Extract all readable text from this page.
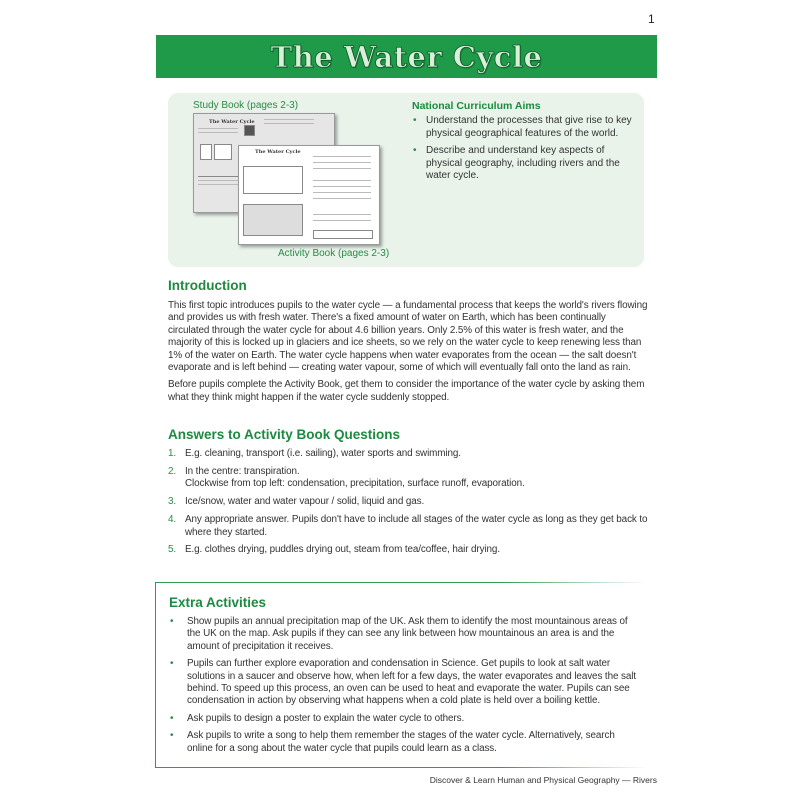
1
The Water Cycle
Study Book (pages 2-3)
The Water Cycle
The Water Cycle
Activity Book (pages 2-3)
National Curriculum Aims
• Understand the processes that give rise to key physical geographical features of the world.
• Describe and understand key aspects of physical geography, including rivers and the water cycle.
Introduction

This first topic introduces pupils to the water cycle — a fundamental process that keeps the world's rivers flowing and provides us with fresh water. There's a fixed amount of water on Earth, which has been continually circulated through the water cycle for about 4.6 billion years. Only 2.5% of this water is fresh water, and the majority of this is locked up in glaciers and ice sheets, so we rely on the water cycle to keep renewing less than 1% of the water on Earth. The water cycle happens when water evaporates from the ocean — the salt doesn't evaporate and is left behind — creating water vapour, some of which will eventually fall onto the land as rain.

Before pupils complete the Activity Book, get them to consider the importance of the water cycle by asking them what they think might happen if the water cycle suddenly stopped.

Answers to Activity Book Questions
1. E.g. cleaning, transport (i.e. sailing), water sports and swimming.
2. In the centre: transpiration.
Clockwise from top left: condensation, precipitation, surface runoff, evaporation.
3. Ice/snow, water and water vapour / solid, liquid and gas.
4. Any appropriate answer. Pupils don't have to include all stages of the water cycle as long as they get back to where they started.
5. E.g. clothes drying, puddles drying out, steam from tea/coffee, hair drying.
Extra Activities
• Show pupils an annual precipitation map of the UK. Ask them to identify the most mountainous areas of the UK on the map. Ask pupils if they can see any link between how mountainous an area is and the amount of precipitation it receives.
• Pupils can further explore evaporation and condensation in Science. Get pupils to look at salt water solutions in a saucer and observe how, when left for a few days, the water evaporates and leaves the salt behind. To speed up this process, an oven can be used to heat and evaporate the water. Pupils can see condensation in action by observing what happens when a cold plate is held over a boiling kettle.
• Ask pupils to design a poster to explain the water cycle to others.
• Ask pupils to write a song to help them remember the stages of the water cycle. Alternatively, search online for a song about the water cycle that pupils could learn as a class.
Discover & Learn Human and Physical Geography — Rivers
